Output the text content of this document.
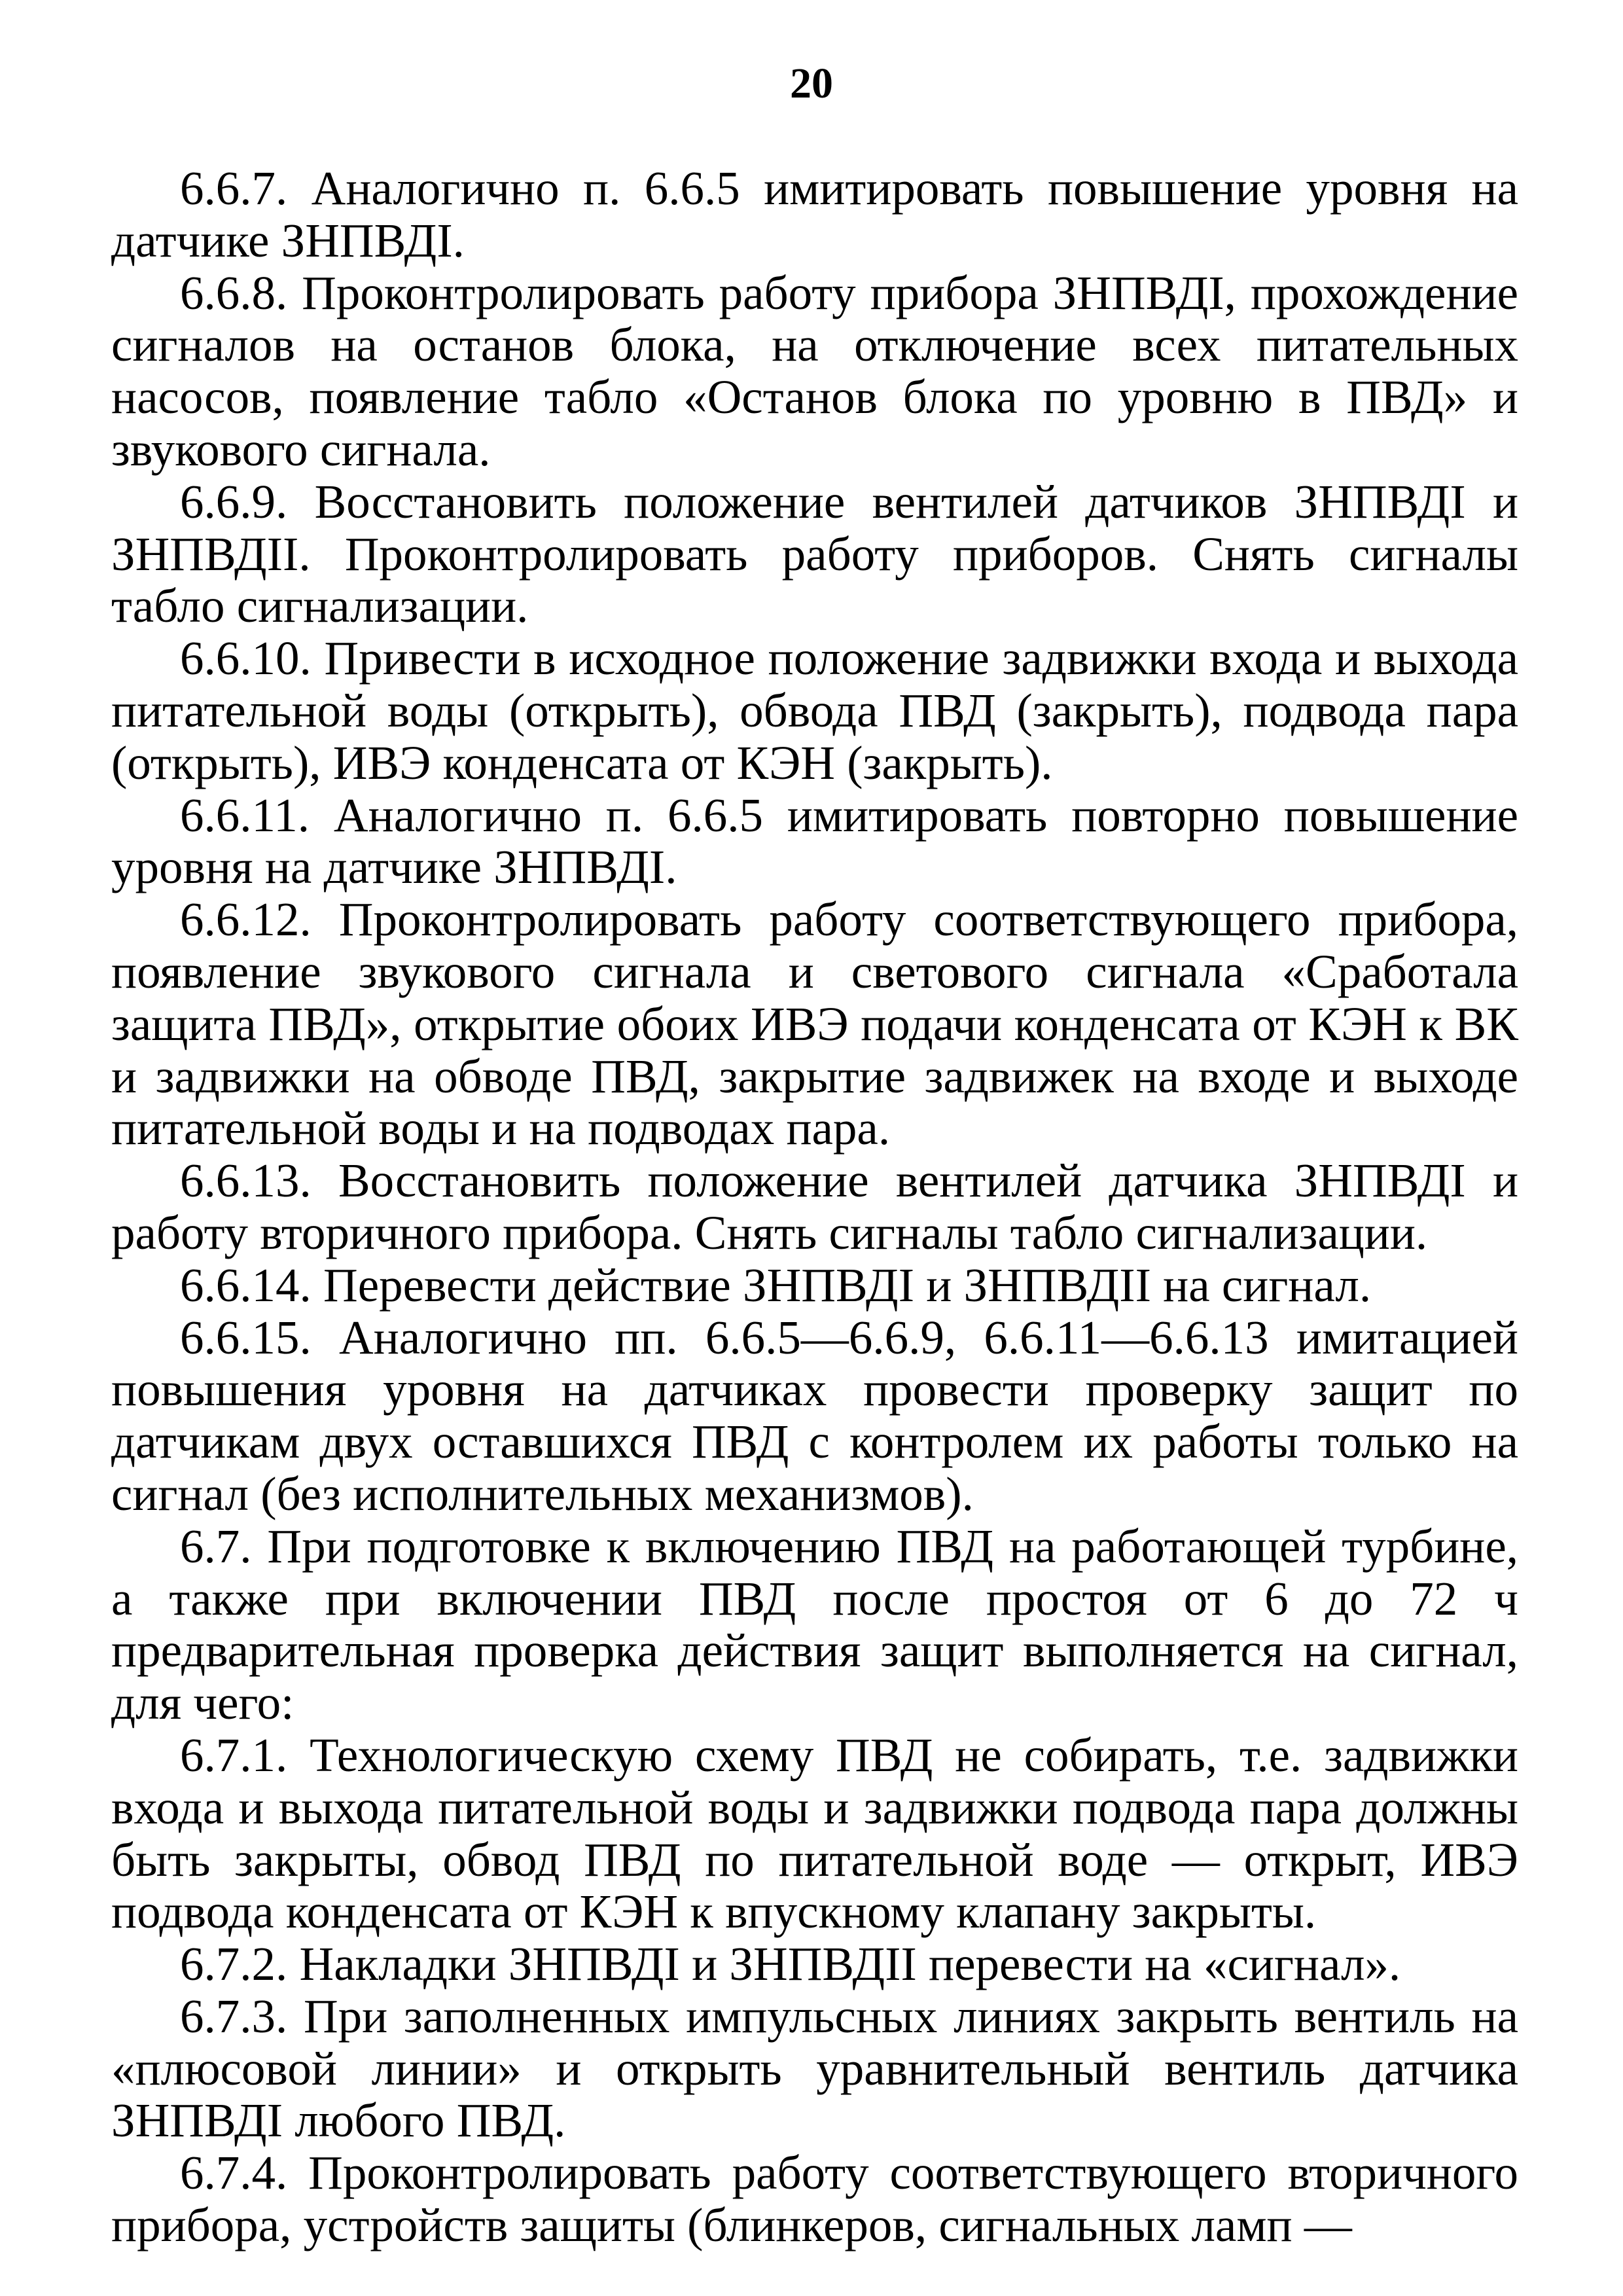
20

6.6.7. Аналогично п. 6.6.5 имитировать повышение уровня на датчике ЗНПВДI.

6.6.8. Проконтролировать работу прибора ЗНПВДI, прохождение сигналов на останов блока, на отключение всех питательных насосов, появление табло «Останов блока по уровню в ПВД» и звукового сигнала.

6.6.9. Восстановить положение вентилей датчиков ЗНПВДI и ЗНПВДII. Проконтролировать работу приборов. Снять сигналы табло сигнализации.

6.6.10. Привести в исходное положение задвижки входа и выхода питательной воды (открыть), обвода ПВД (закрыть), подвода пара (открыть), ИВЭ конденсата от КЭН (закрыть).

6.6.11. Аналогично п. 6.6.5 имитировать повторно повышение уровня на датчике ЗНПВДI.

6.6.12. Проконтролировать работу соответствующего прибора, появление звукового сигнала и светового сигнала «Сработала защита ПВД», открытие обоих ИВЭ подачи конденсата от КЭН к ВК и задвижки на обводе ПВД, закрытие задвижек на входе и выходе питательной воды и на подводах пара.

6.6.13. Восстановить положение вентилей датчика ЗНПВДI и работу вторичного прибора. Снять сигналы табло сигнализации.

6.6.14. Перевести действие ЗНПВДI и ЗНПВДII на сигнал.

6.6.15. Аналогично пп. 6.6.5—6.6.9, 6.6.11—6.6.13 имитацией повышения уровня на датчиках провести проверку защит по датчикам двух оставшихся ПВД с контролем их работы только на сигнал (без исполнительных механизмов).

6.7. При подготовке к включению ПВД на работающей турбине, а также при включении ПВД после простоя от 6 до 72 ч предварительная проверка действия защит выполняется на сигнал, для чего:

6.7.1. Технологическую схему ПВД не собирать, т.е. задвижки входа и выхода питательной воды и задвижки подвода пара должны быть закрыты, обвод ПВД по питательной воде — открыт, ИВЭ подвода конденсата от КЭН к впускному клапану закрыты.

6.7.2. Накладки ЗНПВДI и ЗНПВДII перевести на «сигнал».

6.7.3. При заполненных импульсных линиях закрыть вентиль на «плюсовой линии» и открыть уравнительный вентиль датчика ЗНПВДI любого ПВД.

6.7.4. Проконтролировать работу соответствующего вторичного прибора, устройств защиты (блинкеров, сигнальных ламп —
